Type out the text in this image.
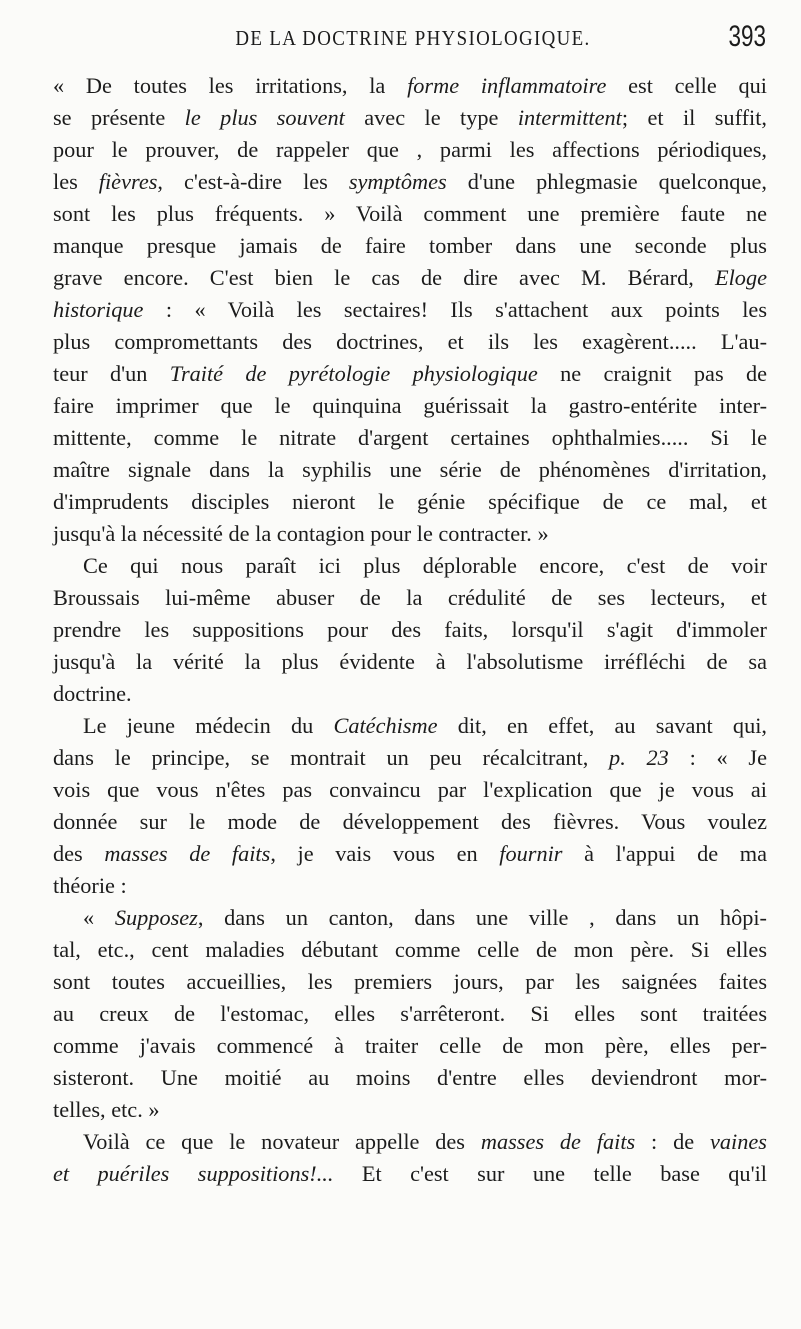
DE LA DOCTRINE PHYSIOLOGIQUE.	393
« De toutes les irritations, la forme inflammatoire est celle qui
se présente le plus souvent avec le type intermittent; et il suffit,
pour le prouver, de rappeler que , parmi les affections périodiques,
les fièvres, c'est-à-dire les symptômes d'une phlegmasie quelconque,
sont les plus fréquents. » Voilà comment une première faute ne
manque presque jamais de faire tomber dans une seconde plus
grave encore. C'est bien le cas de dire avec M. Bérard, Eloge
historique : « Voilà les sectaires! Ils s'attachent aux points les
plus compromettants des doctrines, et ils les exagèrent..... L'au-
teur d'un Traité de pyrétologie physiologique ne craignit pas de
faire imprimer que le quinquina guérissait la gastro-entérite inter-
mittente, comme le nitrate d'argent certaines ophthalmies..... Si le
maître signale dans la syphilis une série de phénomènes d'irritation,
d'imprudents disciples nieront le génie spécifique de ce mal, et
jusqu'à la nécessité de la contagion pour le contracter. »
Ce qui nous paraît ici plus déplorable encore, c'est de voir
Broussais lui-même abuser de la crédulité de ses lecteurs, et
prendre les suppositions pour des faits, lorsqu'il s'agit d'immoler
jusqu'à la vérité la plus évidente à l'absolutisme irréfléchi de sa
doctrine.
Le jeune médecin du Catéchisme dit, en effet, au savant qui,
dans le principe, se montrait un peu récalcitrant, p. 23 : « Je
vois que vous n'êtes pas convaincu par l'explication que je vous ai
donnée sur le mode de développement des fièvres. Vous voulez
des masses de faits, je vais vous en fournir à l'appui de ma
théorie :
« Supposez, dans un canton, dans une ville , dans un hôpi-
tal, etc., cent maladies débutant comme celle de mon père. Si elles
sont toutes accueillies, les premiers jours, par les saignées faites
au creux de l'estomac, elles s'arrêteront. Si elles sont traitées
comme j'avais commencé à traiter celle de mon père, elles per-
sisteront. Une moitié au moins d'entre elles deviendront mor-
telles, etc. »
Voilà ce que le novateur appelle des masses de faits : de vaines
et puériles suppositions!... Et c'est sur une telle base qu'il
